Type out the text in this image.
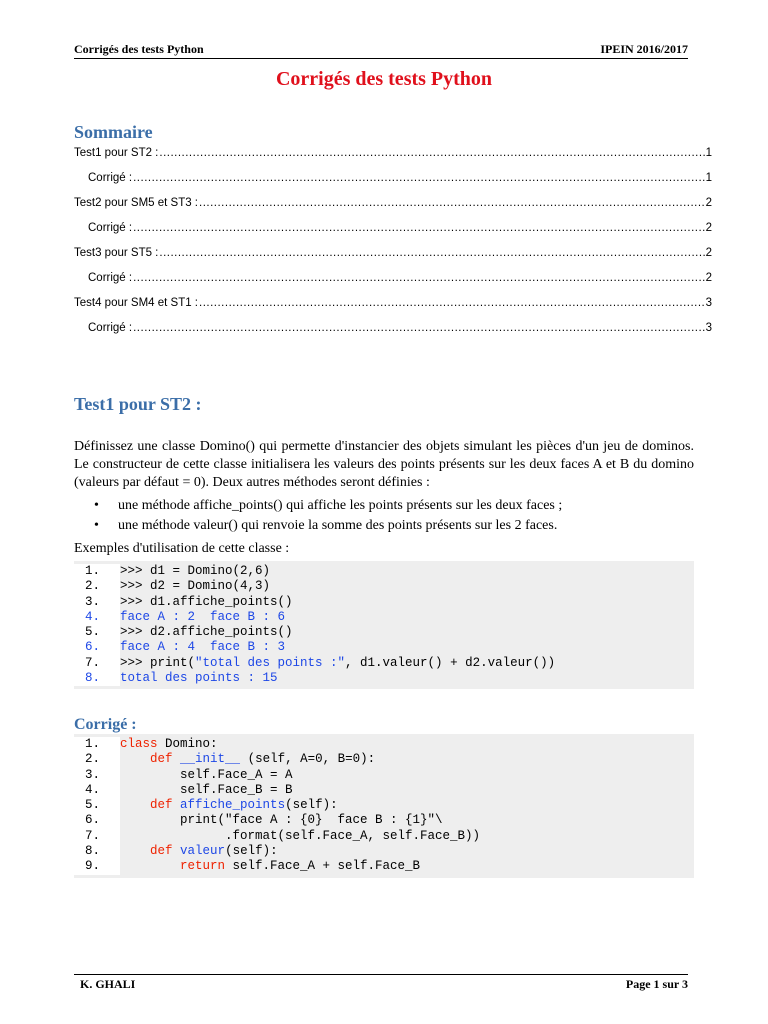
Corrigés des tests Python	IPEIN 2016/2017
Corrigés des tests Python
Sommaire
Test1 pour ST2 : .....	1
Corrigé : .....	1
Test2 pour SM5 et ST3 : .....	2
Corrigé : .....	2
Test3 pour ST5 : .....	2
Corrigé : .....	2
Test4 pour SM4 et ST1 : .....	3
Corrigé : .....	3
Test1 pour ST2 :

Définissez une classe Domino() qui permette d'instancier des objets simulant les pièces d'un jeu de dominos. Le constructeur de cette classe initialisera les valeurs des points présents sur les deux faces A et B du domino (valeurs par défaut = 0). Deux autres méthodes seront définies :

• une méthode affiche_points() qui affiche les points présents sur les deux faces ;
• une méthode valeur() qui renvoie la somme des points présents sur les 2 faces.

Exemples d'utilisation de cette classe :

1.	>>> d1 = Domino(2,6)
2.	>>> d2 = Domino(4,3)
3.	>>> d1.affiche_points()
4.	face A : 2  face B : 6
5.	>>> d2.affiche_points()
6.	face A : 4  face B : 3
7.	>>> print("total des points :", d1.valeur() + d2.valeur())
8.	total des points : 15
Corrigé :
1.	class Domino:
2.	def __init__ (self, A=0, B=0):
3.	self.Face_A = A
4.	self.Face_B = B
5.	def affiche_points(self):
6.	print("face A : {0}  face B : {1}"\
7.	.format(self.Face_A, self.Face_B))
8.	def valeur(self):
9.	return self.Face_A + self.Face_B
K. GHALI	Page 1 sur 3
